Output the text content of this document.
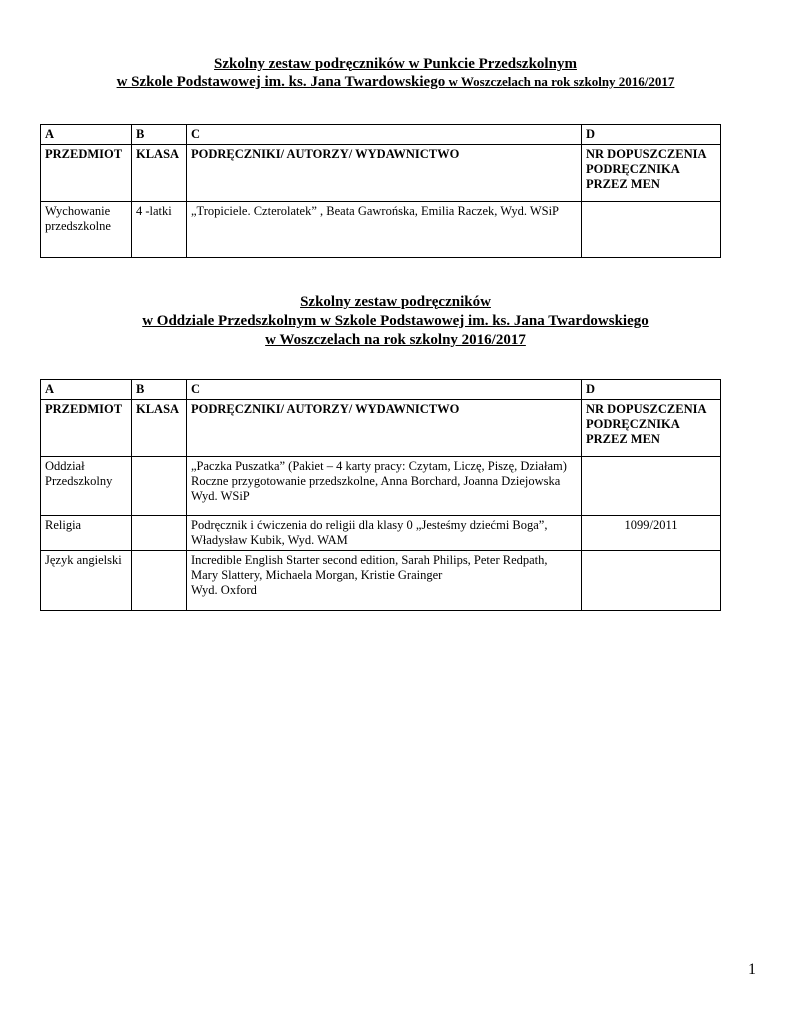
Szkolny zestaw podręczników w Punkcie Przedszkolnym
w Szkole Podstawowej im. ks. Jana Twardowskiego w Woszczelach na rok szkolny 2016/2017
A	B	C	D
PRZEDMIOT	KLASA	PODRĘCZNIKI/ AUTORZY/ WYDAWNICTWO	NR DOPUSZCZENIA
PODRĘCZNIKA
PRZEZ MEN
Wychowanie przedszkolne	4 -latki	„Tropiciele. Czterolatek” , Beata Gawrońska, Emilia Raczek, Wyd. WSiP	
Szkolny zestaw podręczników
w Oddziale Przedszkolnym w Szkole Podstawowej im. ks. Jana Twardowskiego
w Woszczelach na rok szkolny 2016/2017
A	B	C	D
PRZEDMIOT	KLASA	PODRĘCZNIKI/ AUTORZY/ WYDAWNICTWO	NR DOPUSZCZENIA
PODRĘCZNIKA
PRZEZ MEN
Oddział Przedszkolny		„Paczka Puszatka” (Pakiet – 4 karty pracy: Czytam, Liczę, Piszę, Działam) Roczne przygotowanie przedszkolne, Anna Borchard, Joanna Dziejowska
Wyd. WSiP	
Religia		Podręcznik i ćwiczenia do religii dla klasy 0 „Jesteśmy dziećmi Boga”, Władysław Kubik, Wyd. WAM	1099/2011
Język angielski		Incredible English Starter second edition, Sarah Philips, Peter Redpath, Mary Slattery, Michaela Morgan, Kristie Grainger
Wyd. Oxford	
1
